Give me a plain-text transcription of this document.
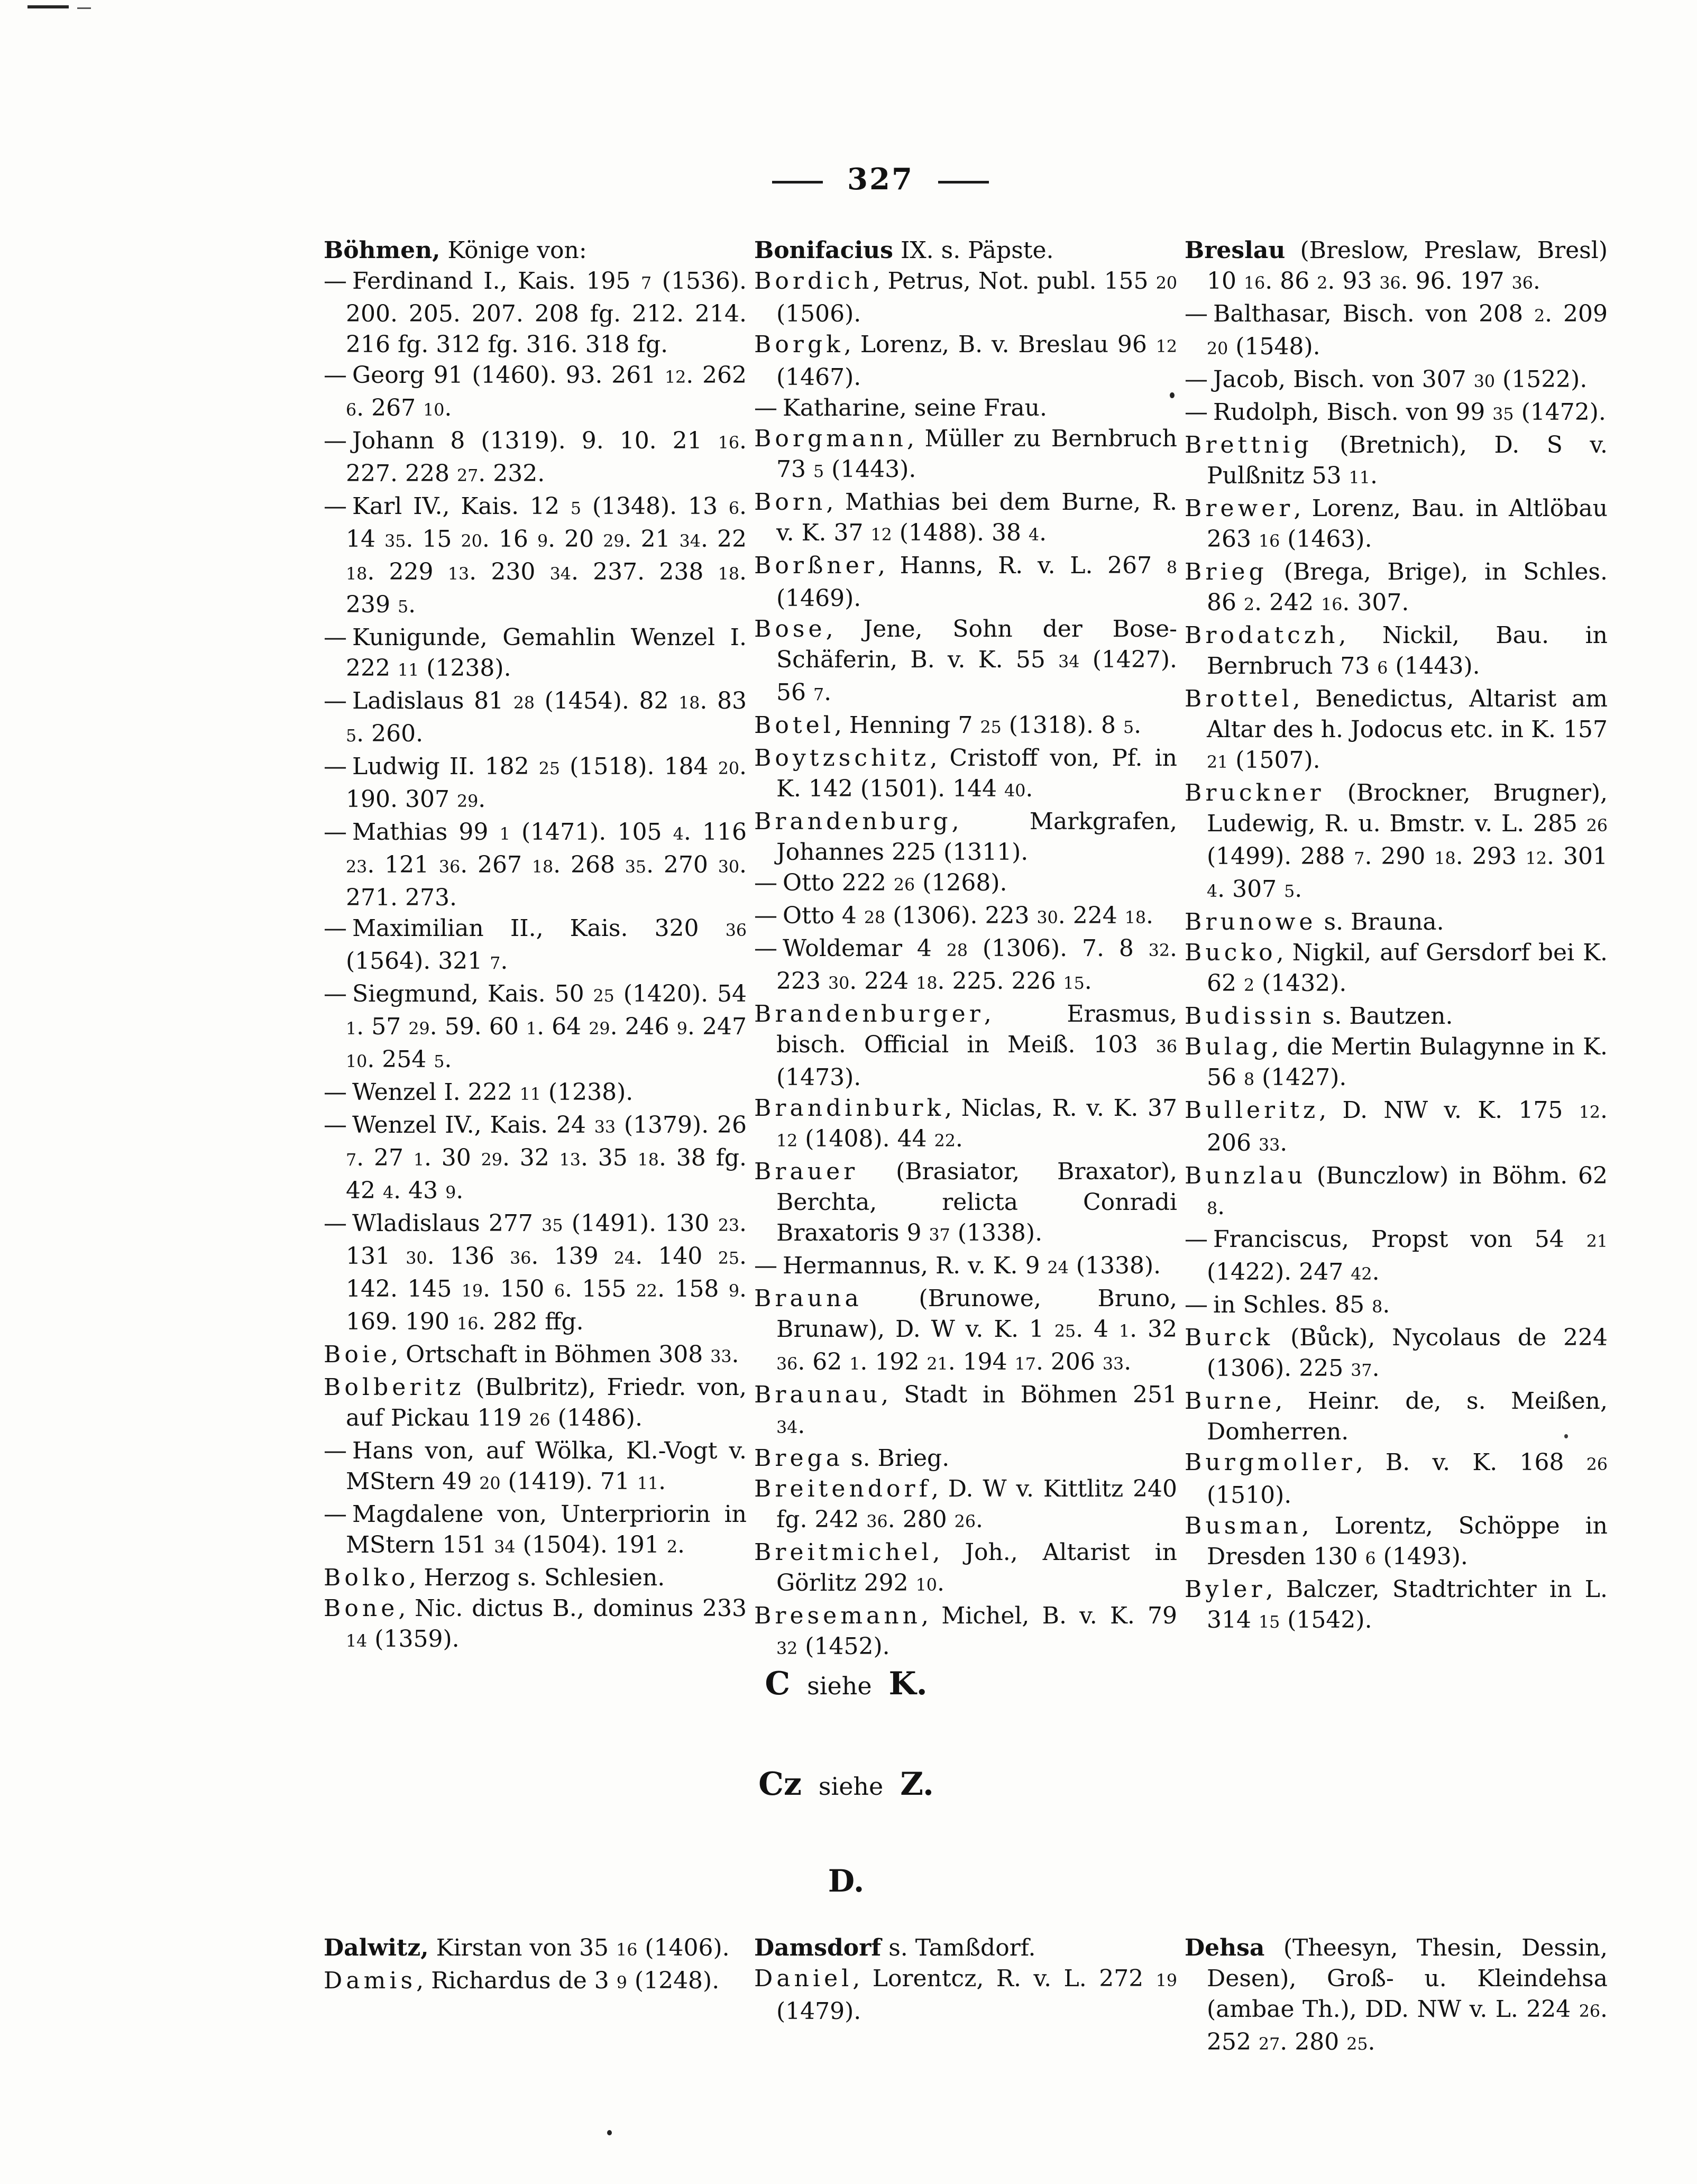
327

Böhmen, Könige von:

— Ferdinand I., Kais. 195 7 (1536). 200. 205. 207. 208 fg. 212. 214. 216 fg. 312 fg. 316. 318 fg.

— Georg 91 (1460). 93. 261 12. 262 6. 267 10.

— Johann 8 (1319). 9. 10. 21 16. 227. 228 27. 232.

— Karl IV., Kais. 12 5 (1348). 13 6. 14 35. 15 20. 16 9. 20 29. 21 34. 22 18. 229 13. 230 34. 237. 238 18. 239 5.

— Kunigunde, Gemahlin Wenzel I. 222 11 (1238).

— Ladislaus 81 28 (1454). 82 18. 83 5. 260.

— Ludwig II. 182 25 (1518). 184 20. 190. 307 29.

— Mathias 99 1 (1471). 105 4. 116 23. 121 36. 267 18. 268 35. 270 30. 271. 273.

— Maximilian II., Kais. 320 36 (1564). 321 7.

— Siegmund, Kais. 50 25 (1420). 54 1. 57 29. 59. 60 1. 64 29. 246 9. 247 10. 254 5.

— Wenzel I. 222 11 (1238).

— Wenzel IV., Kais. 24 33 (1379). 26 7. 27 1. 30 29. 32 13. 35 18. 38 fg. 42 4. 43 9.

— Wladislaus 277 35 (1491). 130 23. 131 30. 136 36. 139 24. 140 25. 142. 145 19. 150 6. 155 22. 158 9. 169. 190 16. 282 ffg.

Boie, Ortschaft in Böhmen 308 33.

Bolberitz (Bulbritz), Friedr. von, auf Pickau 119 26 (1486).

— Hans von, auf Wölka, Kl.-Vogt v. MStern 49 20 (1419). 71 11.

— Magdalene von, Unterpriorin in MStern 151 34 (1504). 191 2.

Bolko, Herzog s. Schlesien.

Bone, Nic. dictus B., dominus 233 14 (1359).

Bonifacius IX. s. Päpste.

Bordich, Petrus, Not. publ. 155 20 (1506).

Borgk, Lorenz, B. v. Breslau 96 12 (1467).

— Katharine, seine Frau.

Borgmann, Müller zu Bernbruch 73 5 (1443).

Born, Mathias bei dem Burne, R. v. K. 37 12 (1488). 38 4.

Borßner, Hanns, R. v. L. 267 8 (1469).

Bose, Jene, Sohn der Bose-Schäferin, B. v. K. 55 34 (1427). 56 7.

Botel, Henning 7 25 (1318). 8 5.

Boytzschitz, Cristoff von, Pf. in K. 142 (1501). 144 40.

Brandenburg, Markgrafen, Johannes 225 (1311).

— Otto 222 26 (1268).

— Otto 4 28 (1306). 223 30. 224 18.

— Woldemar 4 28 (1306). 7. 8 32. 223 30. 224 18. 225. 226 15.

Brandenburger, Erasmus, bisch. Official in Meiß. 103 36 (1473).

Brandinburk, Niclas, R. v. K. 37 12 (1408). 44 22.

Brauer (Brasiator, Braxator), Berchta, relicta Conradi Braxatoris 9 37 (1338).

— Hermannus, R. v. K. 9 24 (1338).

Brauna (Brunowe, Bruno, Brunaw), D. W v. K. 1 25. 4 1. 32 36. 62 1. 192 21. 194 17. 206 33.

Braunau, Stadt in Böhmen 251 34.

Brega s. Brieg.

Breitendorf, D. W v. Kittlitz 240 fg. 242 36. 280 26.

Breitmichel, Joh., Altarist in Görlitz 292 10.

Bresemann, Michel, B. v. K. 79 32 (1452).

Breslau (Breslow, Preslaw, Bresl) 10 16. 86 2. 93 36. 96. 197 36.

— Balthasar, Bisch. von 208 2. 209 20 (1548).

— Jacob, Bisch. von 307 30 (1522).

— Rudolph, Bisch. von 99 35 (1472).

Brettnig (Bretnich), D. S v. Pulßnitz 53 11.

Brewer, Lorenz, Bau. in Altlöbau 263 16 (1463).

Brieg (Brega, Brige), in Schles. 86 2. 242 16. 307.

Brodatczh, Nickil, Bau. in Bernbruch 73 6 (1443).

Brottel, Benedictus, Altarist am Altar des h. Jodocus etc. in K. 157 21 (1507).

Bruckner (Brockner, Brugner), Ludewig, R. u. Bmstr. v. L. 285 26 (1499). 288 7. 290 18. 293 12. 301 4. 307 5.

Brunowe s. Brauna.

Bucko, Nigkil, auf Gersdorf bei K. 62 2 (1432).

Budissin s. Bautzen.

Bulag, die Mertin Bulagynne in K. 56 8 (1427).

Bulleritz, D. NW v. K. 175 12. 206 33.

Bunzlau (Bunczlow) in Böhm. 62 8.

— Franciscus, Propst von 54 21 (1422). 247 42.

— in Schles. 85 8.

Burck (Bůck), Nycolaus de 224 (1306). 225 37.

Burne, Heinr. de, s. Meißen, Domherren.

Burgmoller, B. v. K. 168 26 (1510).

Busman, Lorentz, Schöppe in Dresden 130 6 (1493).

Byler, Balczer, Stadtrichter in L. 314 15 (1542).

C siehe K.
Cz siehe Z.
D.

Dalwitz, Kirstan von 35 16 (1406).

Damis, Richardus de 3 9 (1248).

Damsdorf s. Tamßdorf.

Daniel, Lorentcz, R. v. L. 272 19 (1479).

Dehsa (Theesyn, Thesin, Dessin, Desen), Groß- u. Kleindehsa (ambae Th.), DD. NW v. L. 224 26. 252 27. 280 25.
